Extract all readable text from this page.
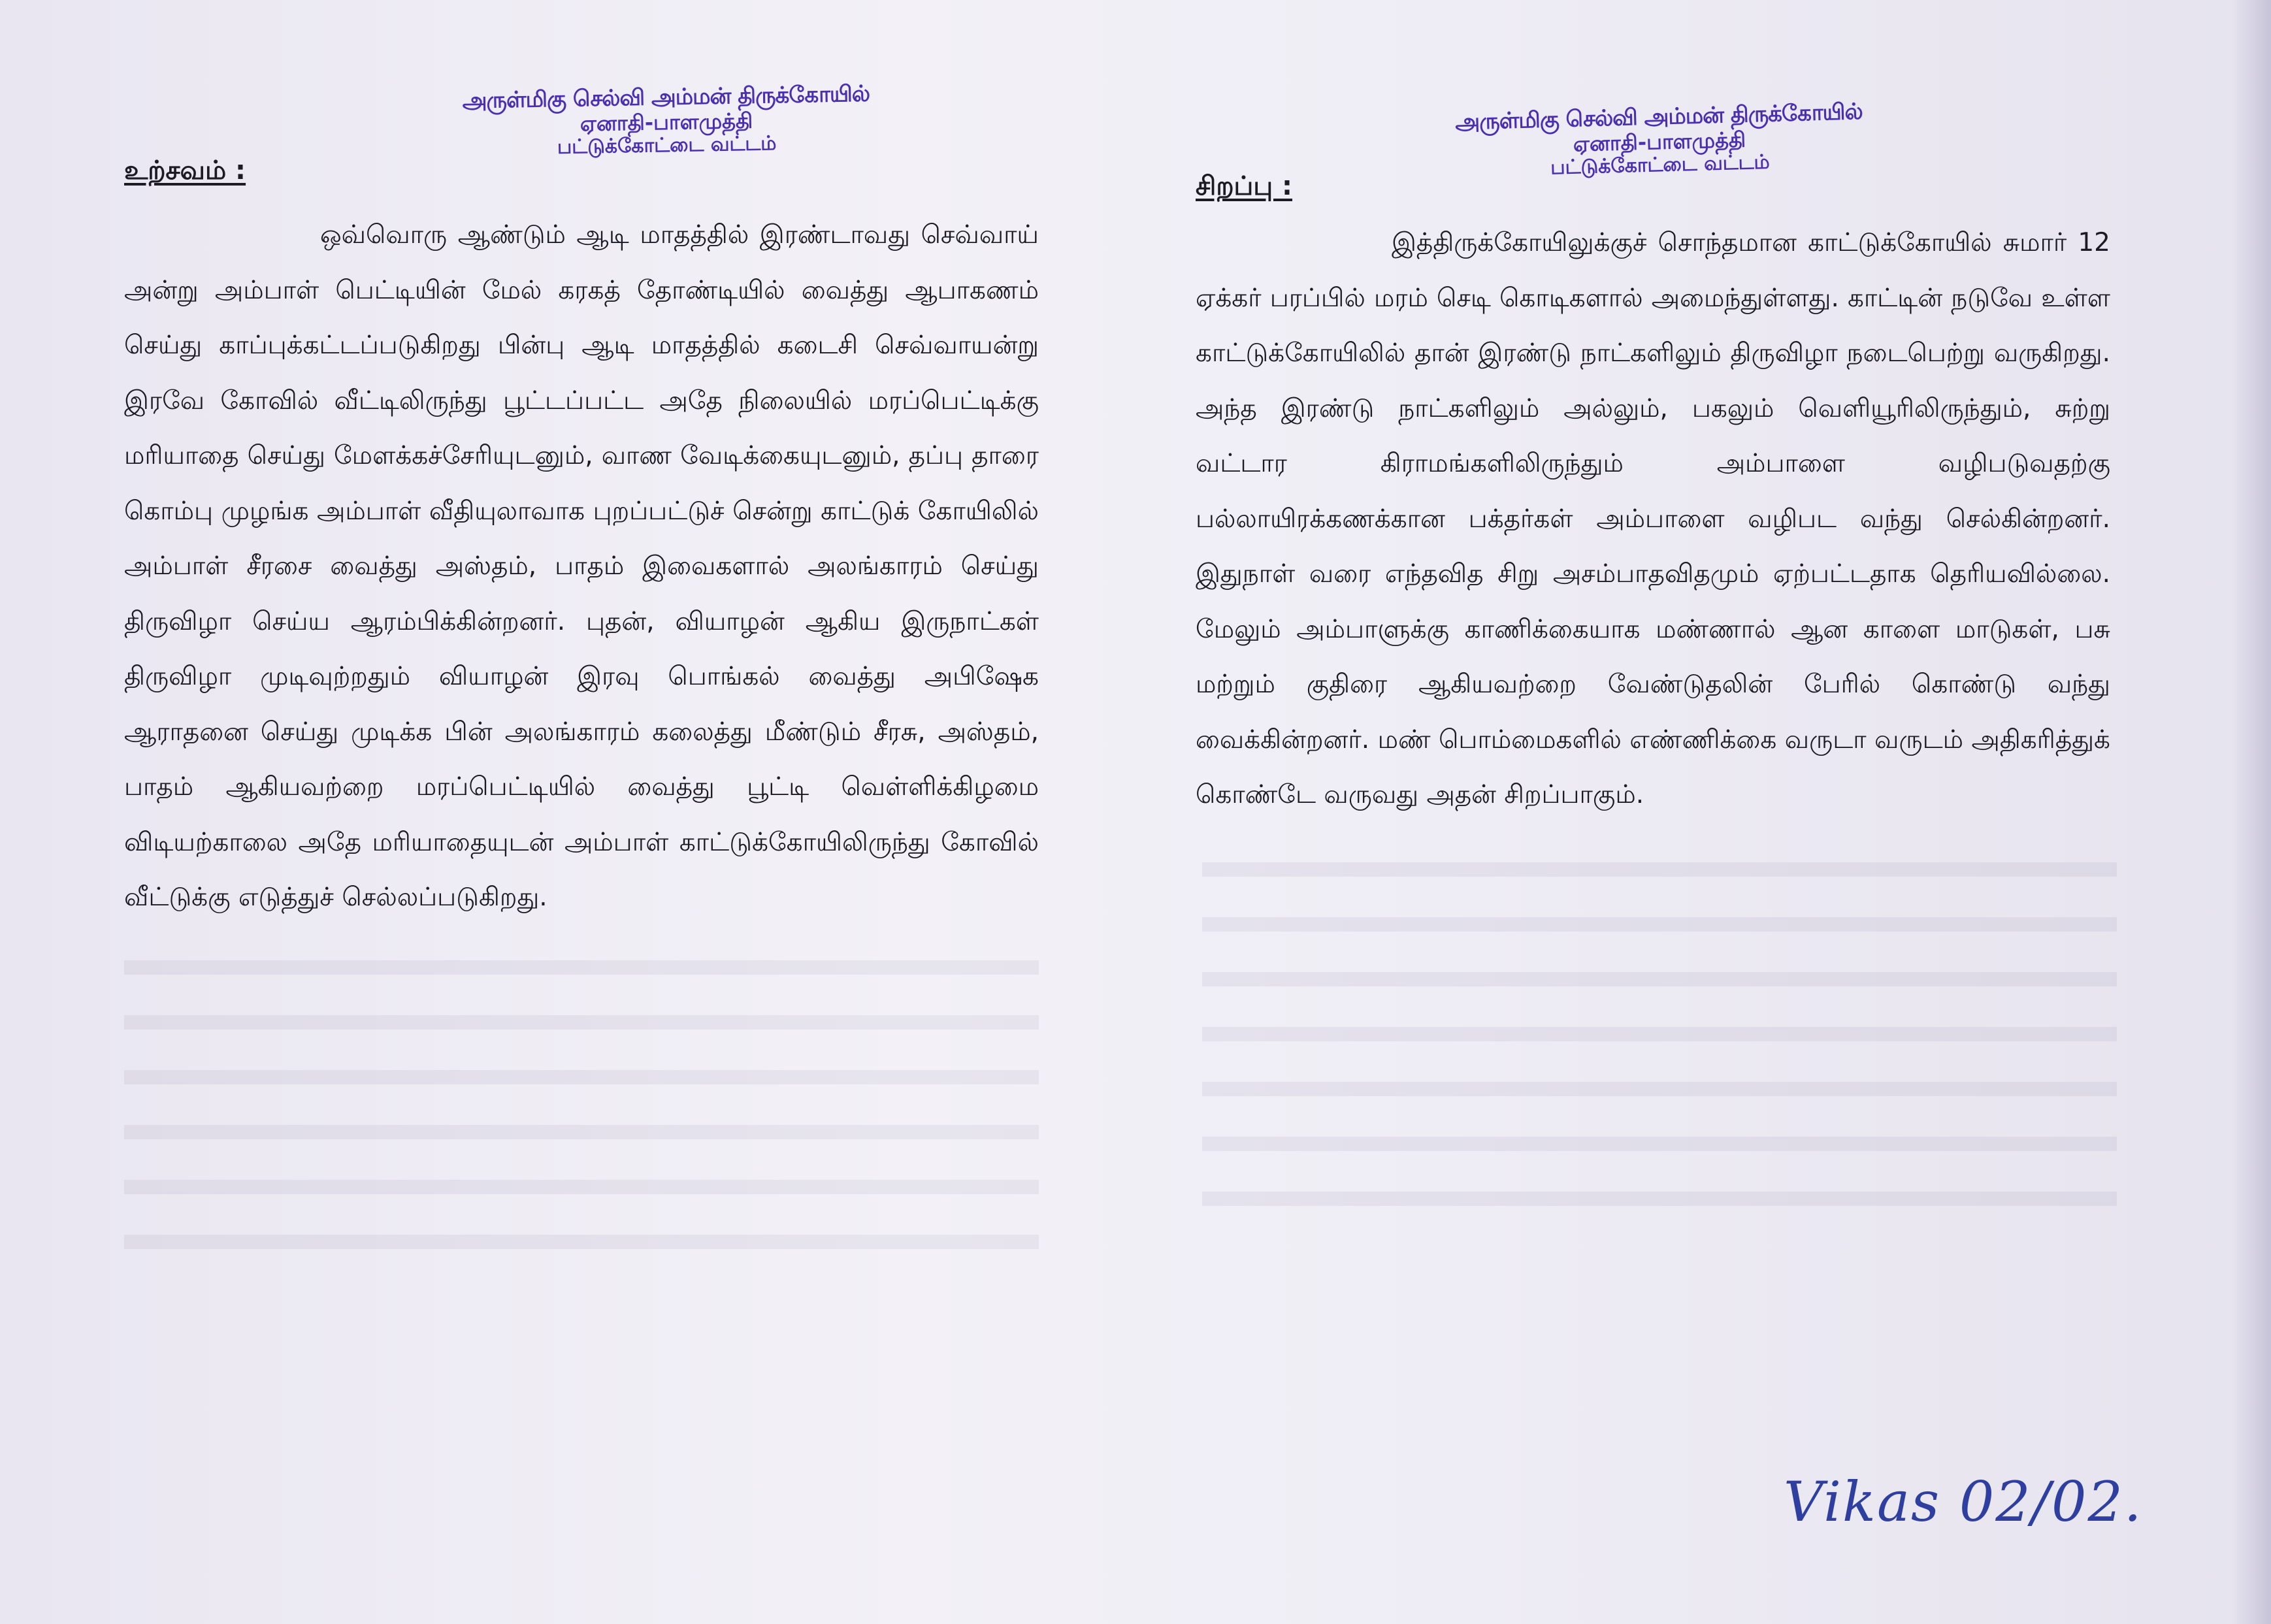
அருள்மிகு செல்வி அம்மன் திருக்கோயில்
ஏனாதி-பாளமுத்தி
பட்டுக்கோட்டை வட்டம்
அருள்மிகு செல்வி அம்மன் திருக்கோயில்
ஏனாதி-பாளமுத்தி
பட்டுக்கோட்டை வட்டம்
உற்சவம் :
ஒவ்வொரு ஆண்டும் ஆடி மாதத்தில் இரண்டாவது செவ்வாய் அன்று அம்பாள் பெட்டியின் மேல் கரகத் தோண்டியில் வைத்து ஆபாகணம் செய்து காப்புக்கட்டப்படுகிறது பின்பு ஆடி மாதத்தில் கடைசி செவ்வாயன்று இரவே கோவில் வீட்டிலிருந்து பூட்டப்பட்ட அதே நிலையில் மரப்பெட்டிக்கு மரியாதை செய்து மேளக்கச்சேரியுடனும், வாண வேடிக்கையுடனும், தப்பு தாரை கொம்பு முழங்க அம்பாள் வீதியுலாவாக புறப்பட்டுச் சென்று காட்டுக் கோயிலில் அம்பாள் சீரசை வைத்து அஸ்தம், பாதம் இவைகளால் அலங்காரம் செய்து திருவிழா செய்ய ஆரம்பிக்கின்றனர். புதன், வியாழன் ஆகிய இருநாட்கள் திருவிழா முடிவுற்றதும் வியாழன் இரவு பொங்கல் வைத்து அபிஷேக ஆராதனை செய்து முடிக்க பின் அலங்காரம் கலைத்து மீண்டும் சீரசு, அஸ்தம், பாதம் ஆகியவற்றை மரப்பெட்டியில் வைத்து பூட்டி வெள்ளிக்கிழமை விடியற்காலை அதே மரியாதையுடன் அம்பாள் காட்டுக்கோயிலிருந்து கோவில் வீட்டுக்கு எடுத்துச் செல்லப்படுகிறது.
சிறப்பு :
இத்திருக்கோயிலுக்குச் சொந்தமான காட்டுக்கோயில் சுமார் 12 ஏக்கர் பரப்பில் மரம் செடி கொடிகளால் அமைந்துள்ளது. காட்டின் நடுவே உள்ள காட்டுக்கோயிலில் தான் இரண்டு நாட்களிலும் திருவிழா நடைபெற்று வருகிறது. அந்த இரண்டு நாட்களிலும் அல்லும், பகலும் வெளியூரிலிருந்தும், சுற்று வட்டார கிராமங்களிலிருந்தும் அம்பாளை வழிபடுவதற்கு பல்லாயிரக்கணக்கான பக்தர்கள் அம்பாளை வழிபட வந்து செல்கின்றனர். இதுநாள் வரை எந்தவித சிறு அசம்பாதவிதமும் ஏற்பட்டதாக தெரியவில்லை. மேலும் அம்பாளுக்கு காணிக்கையாக மண்ணால் ஆன காளை மாடுகள், பசு மற்றும் குதிரை ஆகியவற்றை வேண்டுதலின் பேரில் கொண்டு வந்து வைக்கின்றனர். மண் பொம்மைகளில் எண்ணிக்கை வருடா வருடம் அதிகரித்துக் கொண்டே வருவது அதன் சிறப்பாகும்.
Vikas 02/02.
